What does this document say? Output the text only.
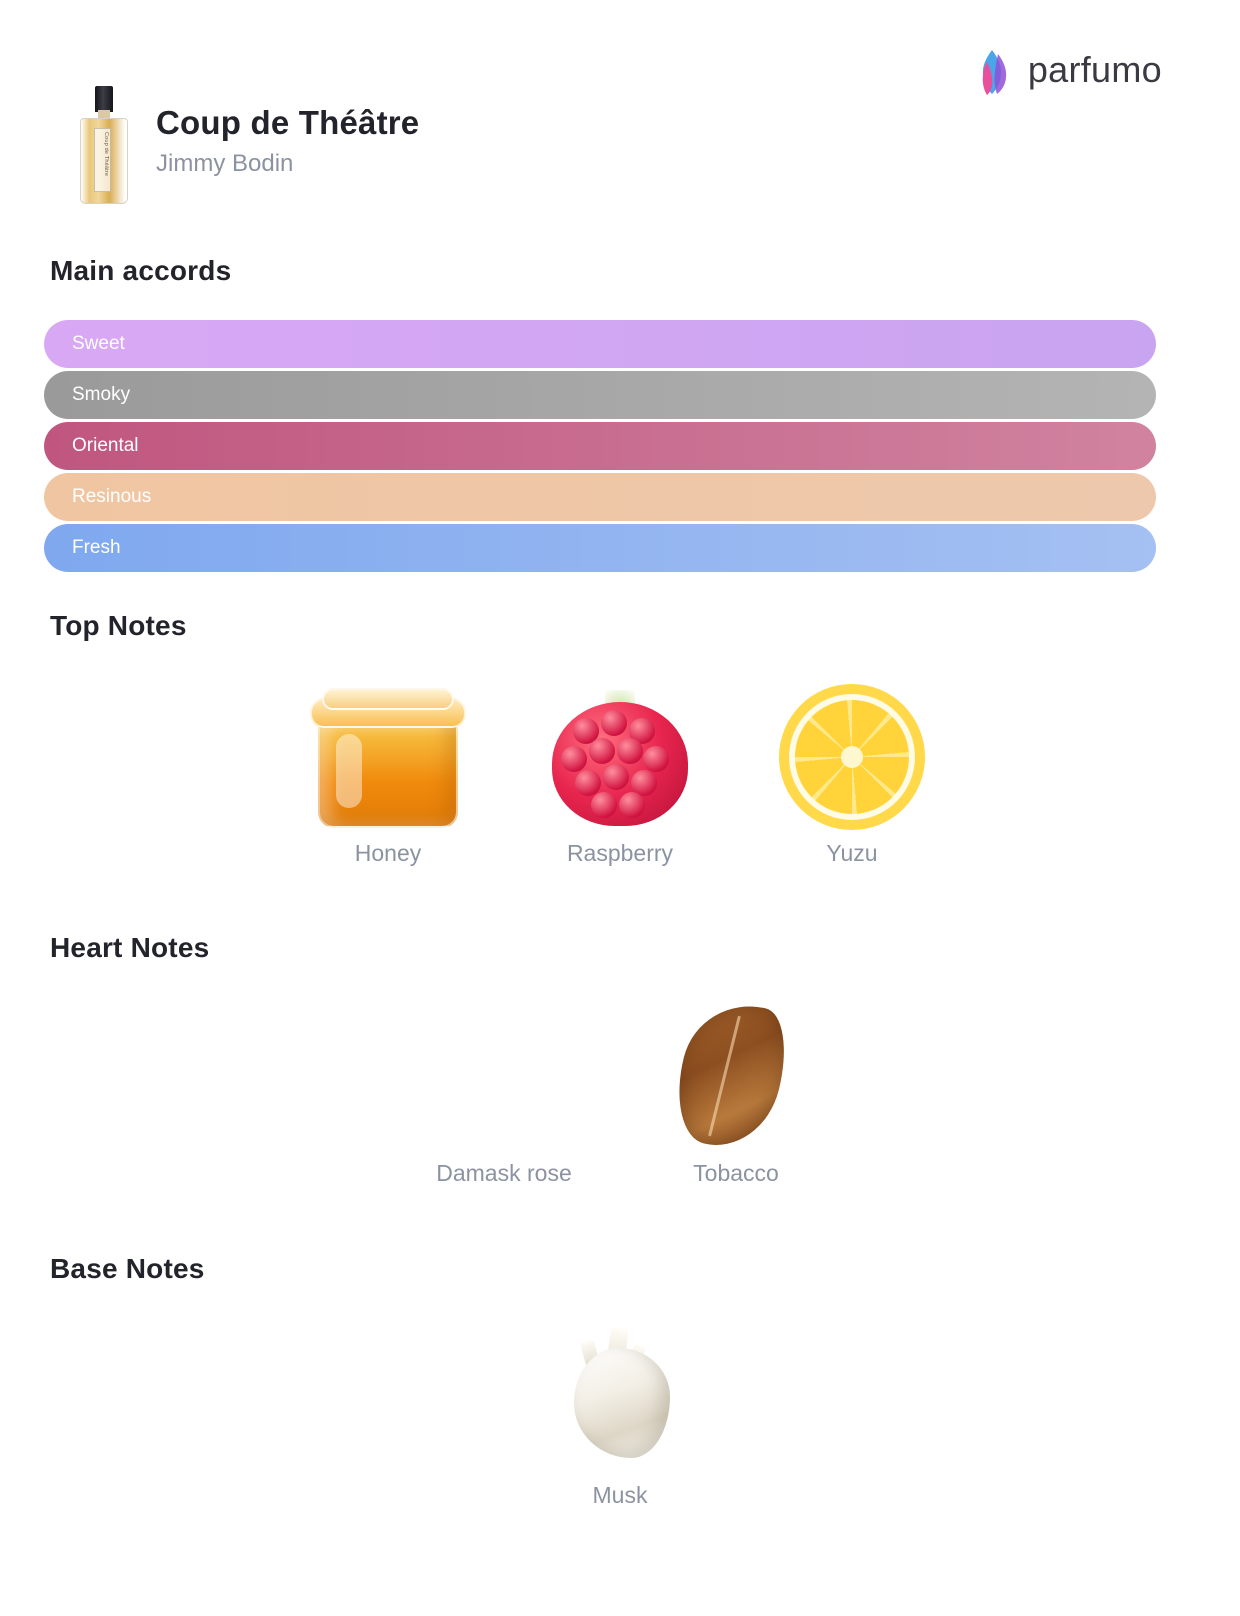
parfumo
Coup de Théâtre
Coup de Théâtre

Jimmy Bodin

Main accords
Sweet
Smoky
Oriental
Resinous
Fresh
Top Notes
Honey	Raspberry	Yuzu
Heart Notes
Damask rose	Tobacco
Base Notes
Musk
